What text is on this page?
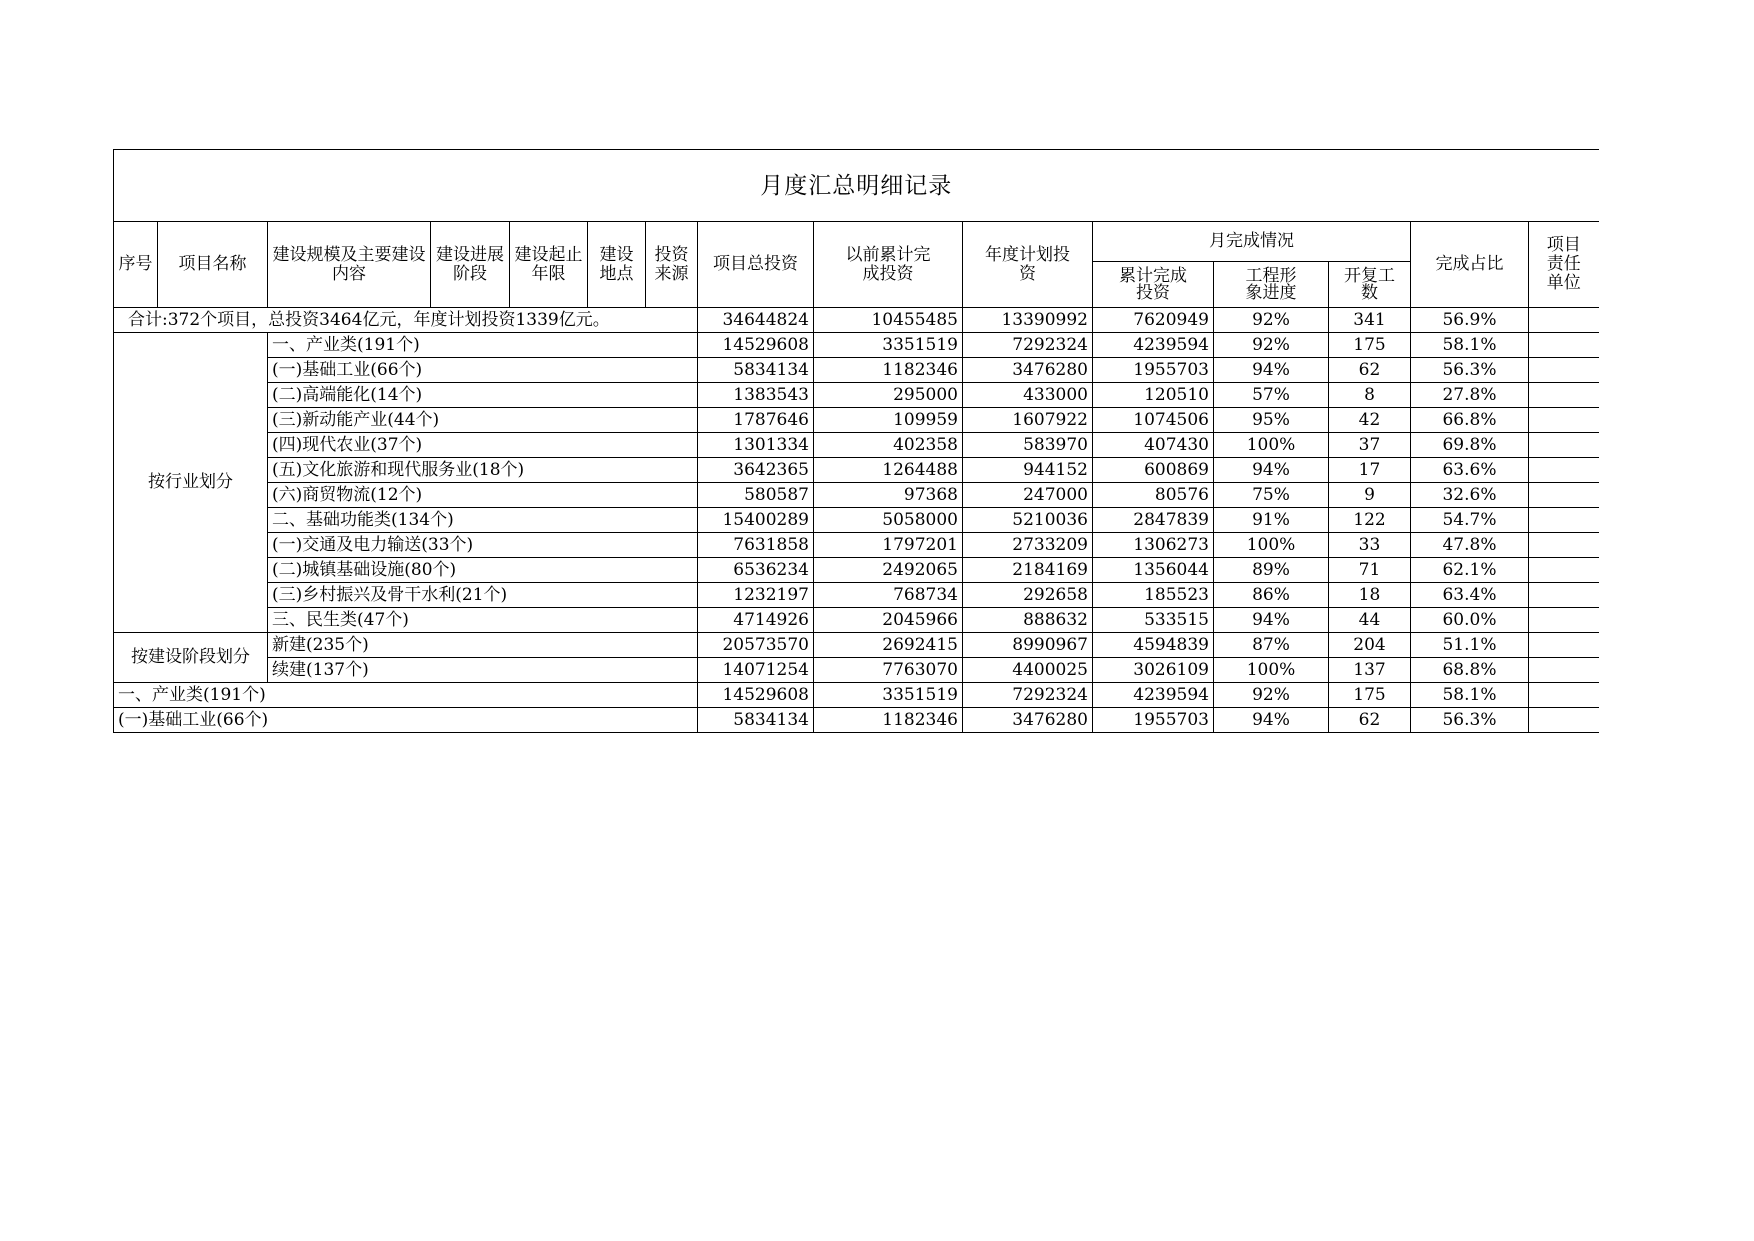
月度汇总明细记录														
序号	项目名称	建设规模及主要建设内容	建设进展阶段	建设起止年限	建设地点	投资来源	项目总投资	以前累计完成投资	年度计划投资	月完成情况			完成占比	项目责任单位
										累计完成投资	工程形象进度	开复工数		
合计:372个项目，总投资3464亿元，年度计划投资1339亿元。							34644824	10455485	13390992	7620949	92%	341	56.9%	
按行业划分		一、产业类(191个)					14529608	3351519	7292324	4239594	92%	175	58.1%	
		(一)基础工业(66个)					5834134	1182346	3476280	1955703	94%	62	56.3%	
		(二)高端能化(14个)					1383543	295000	433000	120510	57%	8	27.8%	
		(三)新动能产业(44个)					1787646	109959	1607922	1074506	95%	42	66.8%	
		(四)现代农业(37个)					1301334	402358	583970	407430	100%	37	69.8%	
		(五)文化旅游和现代服务业(18个)					3642365	1264488	944152	600869	94%	17	63.6%	
		(六)商贸物流(12个)					580587	97368	247000	80576	75%	9	32.6%	
		二、基础功能类(134个)					15400289	5058000	5210036	2847839	91%	122	54.7%	
		(一)交通及电力输送(33个)					7631858	1797201	2733209	1306273	100%	33	47.8%	
		(二)城镇基础设施(80个)					6536234	2492065	2184169	1356044	89%	71	62.1%	
		(三)乡村振兴及骨干水利(21个)					1232197	768734	292658	185523	86%	18	63.4%	
		三、民生类(47个)					4714926	2045966	888632	533515	94%	44	60.0%	
按建设阶段划分		新建(235个)					20573570	2692415	8990967	4594839	87%	204	51.1%	
		续建(137个)					14071254	7763070	4400025	3026109	100%	137	68.8%	
一、产业类(191个)							14529608	3351519	7292324	4239594	92%	175	58.1%	
(一)基础工业(66个)							5834134	1182346	3476280	1955703	94%	62	56.3%	
